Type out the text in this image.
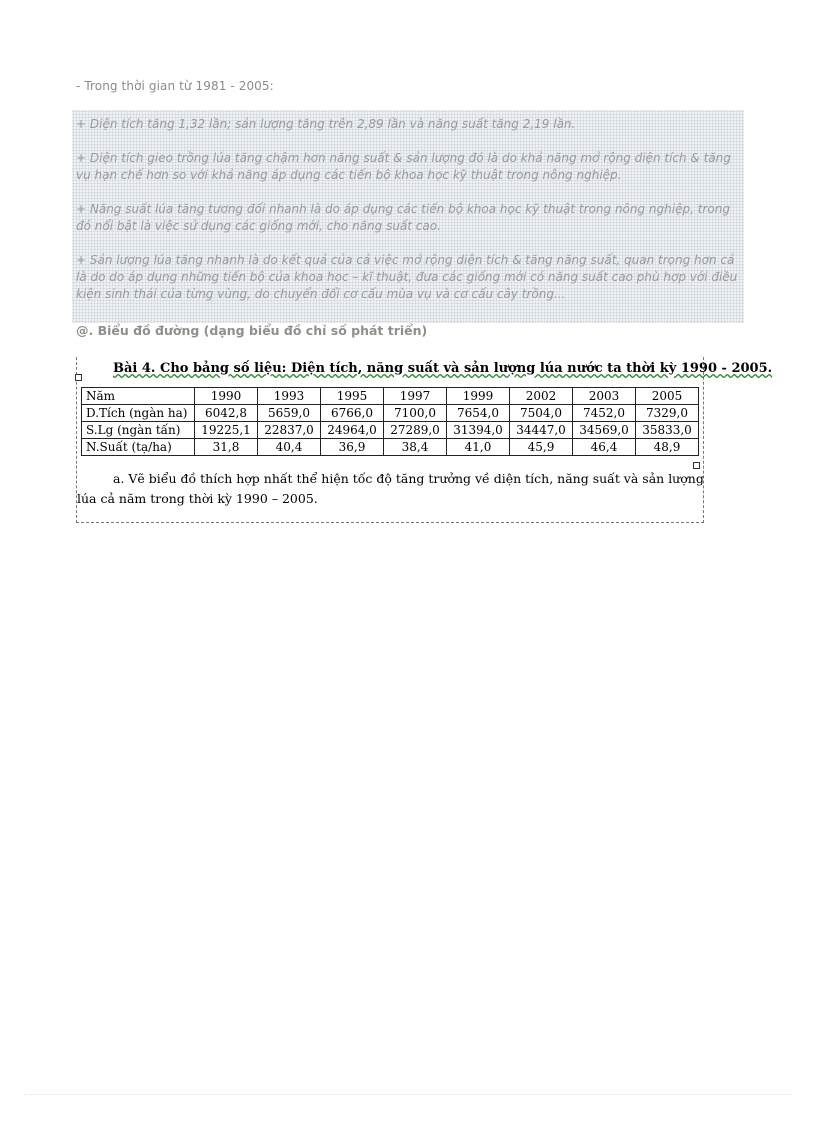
- Trong thời gian từ 1981 - 2005:

+ Diện tích tăng 1,32 lần; sản lượng tăng trên 2,89 lần và năng suất tăng 2,19 lần.

+ Diện tích gieo trồng lúa tăng chậm hơn năng suất & sản lượng đó là do khả năng mở rộng diện tích & tăng vụ hạn chế hơn so với khả năng áp dụng các tiến bộ khoa học kỹ thuật trong nông nghiệp.

+ Năng suất lúa tăng tương đối nhanh là do áp dụng các tiến bộ khoa học kỹ thuật trong nông nghiệp, trong đó nổi bật là việc sử dụng các giống mới, cho năng suất cao.

+ Sản lượng lúa tăng nhanh là do kết quả của cả việc mở rộng diện tích & tăng năng suất, quan trọng hơn cả là do do áp dụng những tiến bộ của khoa học – kĩ thuật, đưa các giống mới có năng suất cao phù hợp với điều kiện sinh thái của từng vùng, do chuyển đổi cơ cấu mùa vụ và cơ cấu cây trồng...

@. Biểu đồ đường (dạng biểu đồ chỉ số phát triển)
Bài 4. Cho bảng số liệu: Diện tích, năng suất và sản lượng lúa nước ta thời kỳ 1990 - 2005.
Năm	1990	1993	1995	1997	1999	2002	2003	2005
D.Tích (ngàn ha)	6042,8	5659,0	6766,0	7100,0	7654,0	7504,0	7452,0	7329,0
S.Lg (ngàn tấn)	19225,1	22837,0	24964,0	27289,0	31394,0	34447,0	34569,0	35833,0
N.Suất (tạ/ha)	31,8	40,4	36,9	38,4	41,0	45,9	46,4	48,9

a. Vẽ biểu đồ thích hợp nhất thể hiện tốc độ tăng trưởng về diện tích, năng suất và sản lượng lúa cả năm trong thời kỳ 1990 – 2005.
